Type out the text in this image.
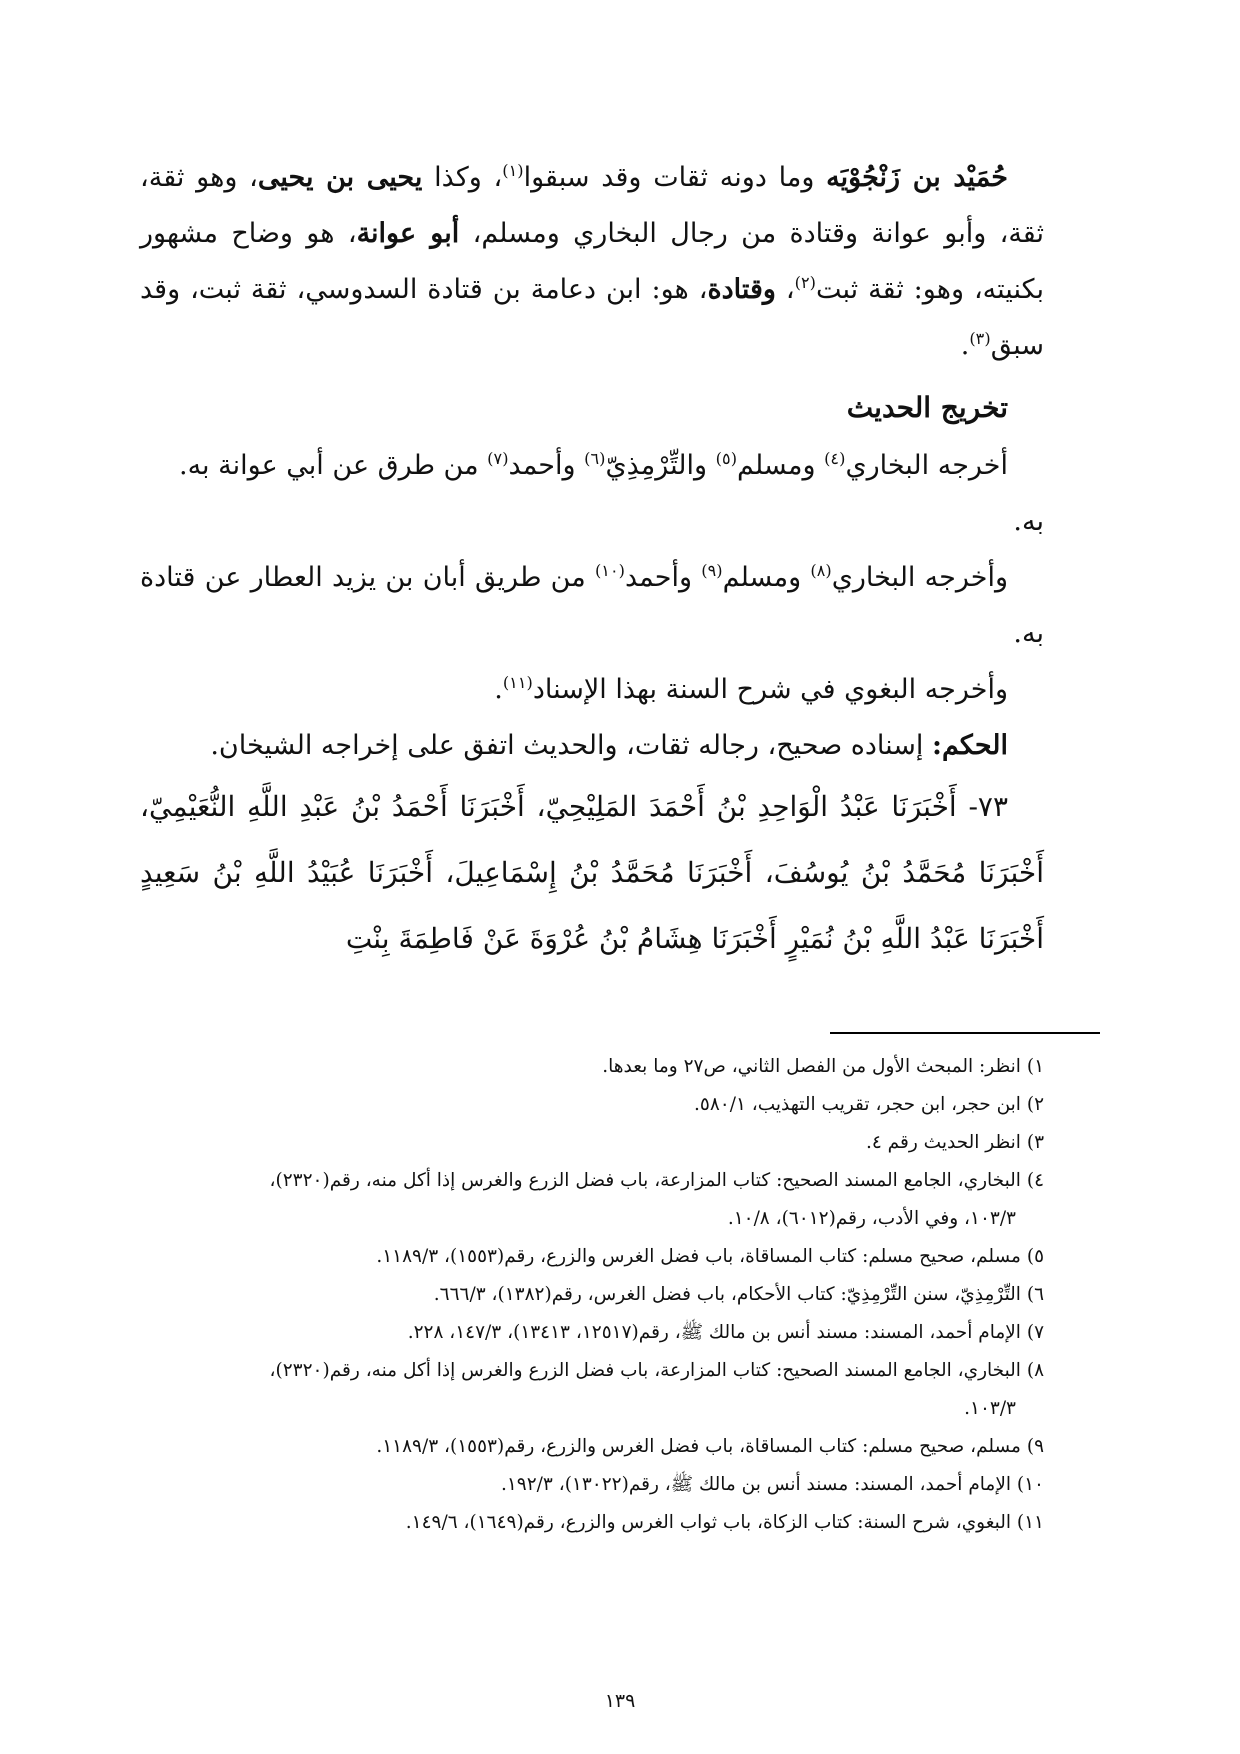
حُمَيْد بن زَنْجُوْيَه وما دونه ثقات وقد سبقوا$^{(١)}$، وكذا يحيى بن يحيى، وهو ثقة، ثقة، وأبو عوانة وقتادة من رجال البخاري ومسلم، أبو عوانة، هو وضاح مشهور بكنيته، وهو: ثقة ثبت$^{(٢)}$، وقتادة، هو: ابن دعامة بن قتادة السدوسي، ثقة ثبت، وقد سبق$^{(٣)}$.

تخريج الحديث

أخرجه البخاري$^{(٤)}$ ومسلم$^{(٥)}$ والتِّرْمِذِيّ$^{(٦)}$ وأحمد$^{(٧)}$ من طرق عن أبي عوانة به.

به.

وأخرجه البخاري$^{(٨)}$ ومسلم$^{(٩)}$ وأحمد$^{(١٠)}$ من طريق أبان بن يزيد العطار عن قتادة به.

وأخرجه البغوي في شرح السنة بهذا الإسناد$^{(١١)}$.

الحكم: إسناده صحيح، رجاله ثقات، والحديث اتفق على إخراجه الشيخان.

٧٣- أَخْبَرَنَا عَبْدُ الْوَاحِدِ بْنُ أَحْمَدَ المَلِيْحِيّ، أَخْبَرَنَا أَحْمَدُ بْنُ عَبْدِ اللَّهِ النُّعَيْمِيّ، أَخْبَرَنَا مُحَمَّدُ بْنُ يُوسُفَ، أَخْبَرَنَا مُحَمَّدُ بْنُ إِسْمَاعِيلَ، أَخْبَرَنَا عُبَيْدُ اللَّهِ بْنُ سَعِيدٍ أَخْبَرَنَا عَبْدُ اللَّهِ بْنُ نُمَيْرٍ أَخْبَرَنَا هِشَامُ بْنُ عُرْوَةَ عَنْ فَاطِمَةَ بِنْتِ

١) انظر: المبحث الأول من الفصل الثاني، ص٢٧ وما بعدها.

٢) ابن حجر، ابن حجر، تقريب التهذيب، ٥٨٠/١.

٣) انظر الحديث رقم ٤.

٤) البخاري، الجامع المسند الصحيح: كتاب المزارعة، باب فضل الزرع والغرس إذا أكل منه، رقم(٢٣٢٠)،
١٠٣/٣، وفي الأدب، رقم(٦٠١٢)، ١٠/٨.

٥) مسلم، صحيح مسلم: كتاب المساقاة، باب فضل الغرس والزرع، رقم(١٥٥٣)، ١١٨٩/٣.

٦) التِّرْمِذِيّ، سنن التِّرْمِذِيّ: كتاب الأحكام، باب فضل الغرس، رقم(١٣٨٢)، ٦٦٦/٣.

٧) الإمام أحمد، المسند: مسند أنس بن مالك ﷺ، رقم(١٢٥١٧، ١٣٤١٣)، ١٤٧/٣، ٢٢٨.

٨) البخاري، الجامع المسند الصحيح: كتاب المزارعة، باب فضل الزرع والغرس إذا أكل منه، رقم(٢٣٢٠)،
١٠٣/٣.

٩) مسلم، صحيح مسلم: كتاب المساقاة، باب فضل الغرس والزرع، رقم(١٥٥٣)، ١١٨٩/٣.

١٠) الإمام أحمد، المسند: مسند أنس بن مالك ﷺ، رقم(١٣٠٢٢)، ١٩٢/٣.

١١) البغوي، شرح السنة: كتاب الزكاة، باب ثواب الغرس والزرع، رقم(١٦٤٩)، ١٤٩/٦.

١٣٩
